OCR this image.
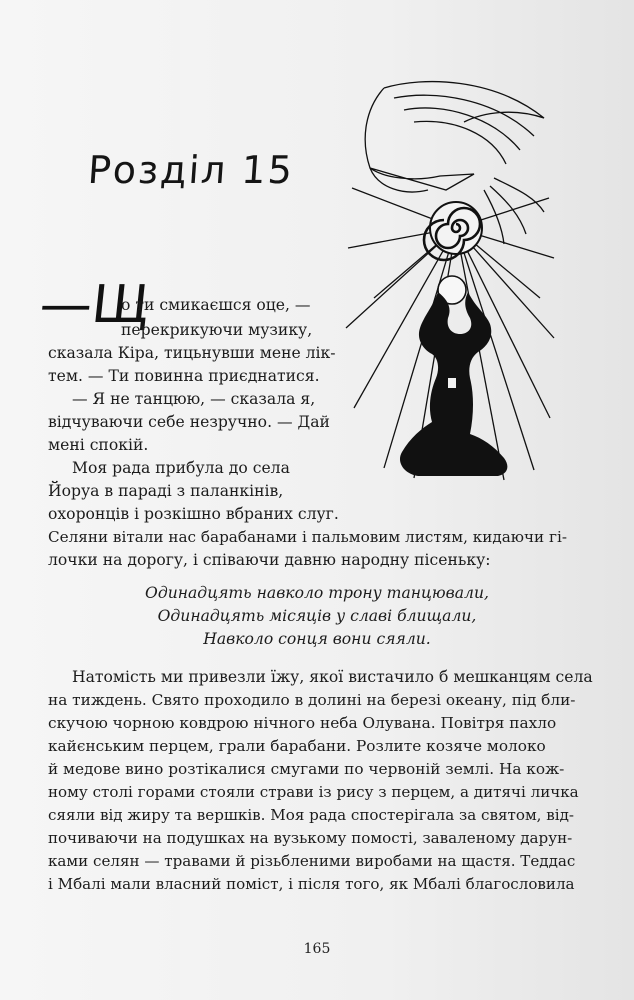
Розділ 15
—Щ
о ти смикаєшся оце, —
перекрикуючи музику,
сказала Кіра, тицьнувши мене лік-
тем. — Ти повинна приєднатися.
— Я не танцюю, — сказала я,
відчуваючи себе незручно. — Дай
мені спокій.
Моя рада прибула до села
Йоруа в параді з паланкінів,
охоронців і розкішно вбраних слуг.
Селяни вітали нас барабанами і пальмовим листям, кидаючи гі-
лочки на дорогу, і співаючи давню народну пісеньку:
Одинадцять навколо трону танцювали,
Одинадцять місяців у славі блищали,
Навколо сонця вони сяяли.
Натомість ми привезли їжу, якої вистачило б мешканцям села
на тиждень. Свято проходило в долині на березі океану, під бли-
скучою чорною ковдрою нічного неба Олувана. Повітря пахло
кайєнським перцем, грали барабани. Розлите козяче молоко
й медове вино розтікалися смугами по червоній землі. На кож-
ному столі горами стояли страви із рису з перцем, а дитячі личка
сяяли від жиру та вершків. Моя рада спостерігала за святом, від-
почиваючи на подушках на вузькому помості, заваленому дарун-
ками селян — травами й різьбленими виробами на щастя. Теддас
і Мбалі мали власний поміст, і після того, як Мбалі благословила
165
